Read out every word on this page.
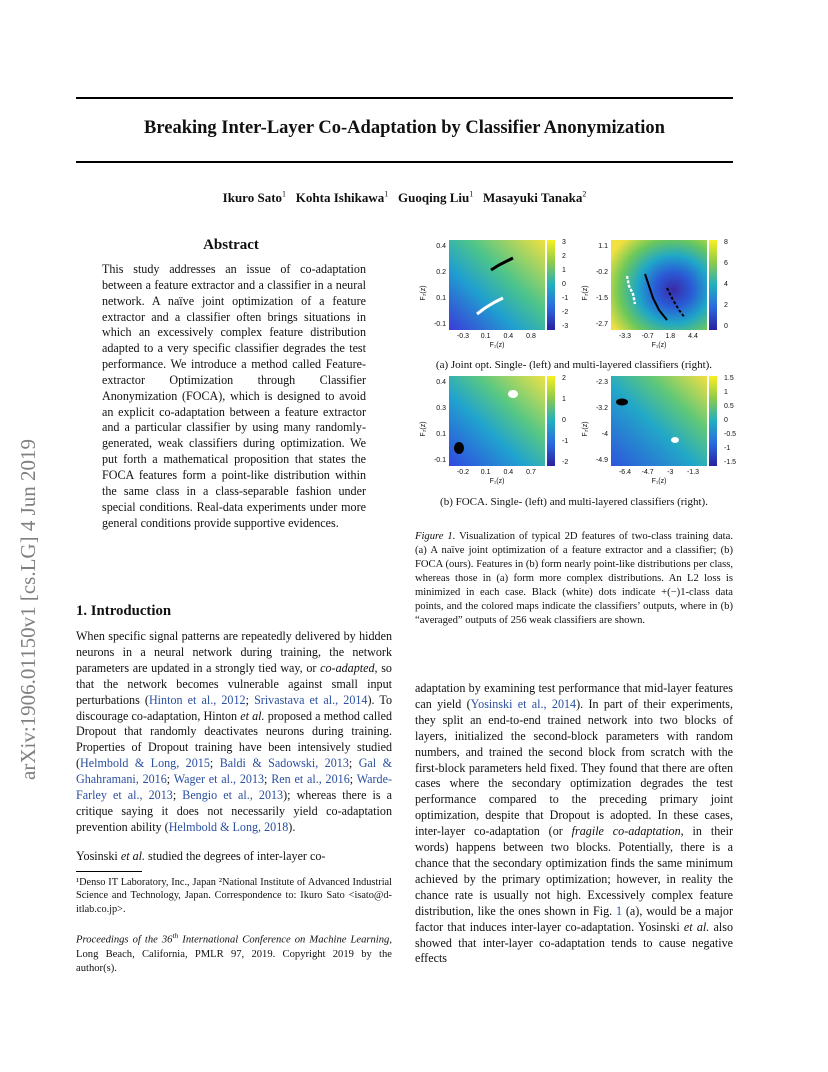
Breaking Inter-Layer Co-Adaptation by Classifier Anonymization
Ikuro Sato$^1$ Kohta Ishikawa$^1$ Guoqing Liu$^1$ Masayuki Tanaka$^2$
arXiv:1906.01150v1 [cs.LG] 4 Jun 2019
Abstract
This study addresses an issue of co-adaptation between a feature extractor and a classifier in a neural network. A naïve joint optimization of a feature extractor and a classifier often brings situations in which an excessively complex feature distribution adapted to a very specific classifier degrades the test performance. We introduce a method called Feature-extractor Optimization through Classifier Anonymization (FOCA), which is designed to avoid an explicit co-adaptation between a feature extractor and a particular classifier by using many randomly-generated, weak classifiers during optimization. We put forth a mathematical proposition that states the FOCA features form a point-like distribution within the same class in a class-separable fashion under special conditions. Real-data experiments under more general conditions provide supportive evidences.
1. Introduction
When specific signal patterns are repeatedly delivered by hidden neurons in a neural network during training, the network parameters are updated in a strongly tied way, or co-adapted, so that the network becomes vulnerable against small input perturbations (Hinton et al., 2012; Srivastava et al., 2014). To discourage co-adaptation, Hinton et al. proposed a method called Dropout that randomly deactivates neurons during training. Properties of Dropout training have been intensively studied (Helmbold & Long, 2015; Baldi & Sadowski, 2013; Gal & Ghahramani, 2016; Wager et al., 2013; Ren et al., 2016; Warde-Farley et al., 2013; Bengio et al., 2013); whereas there is a critique saying it does not necessarily yield co-adaptation prevention ability (Helmbold & Long, 2018).
Yosinski et al. studied the degrees of inter-layer co-
¹Denso IT Laboratory, Inc., Japan ²National Institute of Advanced Industrial Science and Technology, Japan. Correspondence to: Ikuro Sato <isato@d-itlab.co.jp>.
Proceedings of the 36th International Conference on Machine Learning, Long Beach, California, PMLR 97, 2019. Copyright 2019 by the author(s).
adaptation by examining test performance that mid-layer features can yield (Yosinski et al., 2014). In part of their experiments, they split an end-to-end trained network into two blocks of layers, initialized the second-block parameters with random numbers, and trained the second block from scratch with the first-block parameters held fixed. They found that there are often cases where the secondary optimization degrades the test performance compared to the preceding primary joint optimization, despite that Dropout is adopted. In these cases, inter-layer co-adaptation (or fragile co-adaptation, in their words) happens between two blocks. Potentially, there is a chance that the secondary optimization finds the same minimum achieved by the primary optimization; however, in reality the chance rate is usually not high. Excessively complex feature distribution, like the ones shown in Fig. 1 (a), would be a major factor that induces inter-layer co-adaptation. Yosinski et al. also showed that inter-layer co-adaptation tends to cause negative effects
0.4
0.2
0.1
-0.1
-0.3 0.1 0.4 0.8
3
2
1
0
-1
-2
-3
F₁(z)
F₂(z)
1.1
-0.2
-1.5
-2.7
-3.3 -0.7 1.8 4.4
8
6
4
2
0
F₁(z)
F₂(z)
0.4
0.3
0.1
-0.1
-0.2 0.1 0.4 0.7
2
1
0
-1
-2
F₁(z)
F₂(z)
-2.3
-3.2
-4
-4.9
-6.4 -4.7 -3 -1.3
1.5
1
0.5
0
-0.5
-1
-1.5
F₁(z)
F₂(z)
(a) Joint opt. Single- (left) and multi-layered classifiers (right).
(b) FOCA. Single- (left) and multi-layered classifiers (right).
Figure 1. Visualization of typical 2D features of two-class training data. (a) A naïve joint optimization of a feature extractor and a classifier; (b) FOCA (ours). Features in (b) form nearly point-like distributions per class, whereas those in (a) form more complex distributions. An L2 loss is minimized in each case. Black (white) dots indicate +(−)1-class data points, and the colored maps indicate the classifiers’ outputs, where in (b) “averaged” outputs of 256 weak classifiers are shown.
